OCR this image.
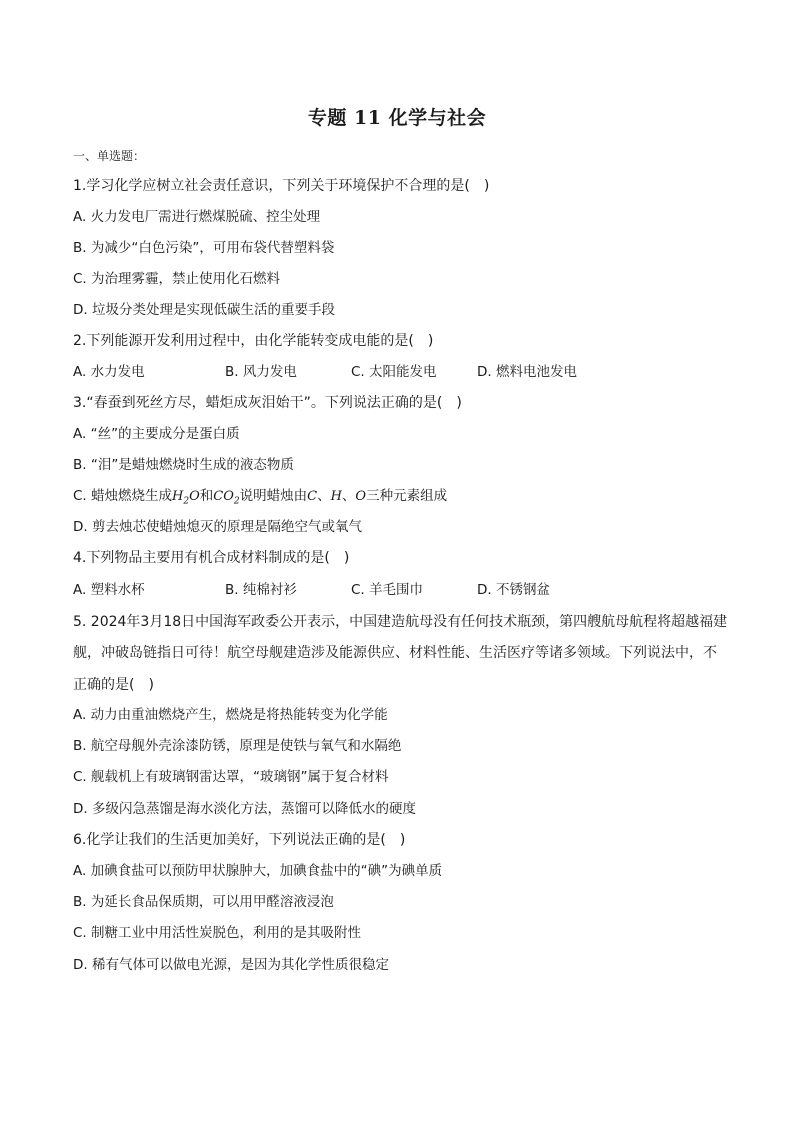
专题 11 化学与社会
一、单选题：
1.学习化学应树立社会责任意识，下列关于环境保护不合理的是(　)
A. 火力发电厂需进行燃煤脱硫、控尘处理
B. 为减少“白色污染”，可用布袋代替塑料袋
C. 为治理雾霾，禁止使用化石燃料
D. 垃圾分类处理是实现低碳生活的重要手段
2.下列能源开发利用过程中，由化学能转变成电能的是(　)
A. 水力发电	B. 风力发电	C. 太阳能发电	D. 燃料电池发电
3.“春蚕到死丝方尽，蜡炬成灰泪始干”。下列说法正确的是(　)
A. “丝”的主要成分是蛋白质
B. “泪”是蜡烛燃烧时生成的液态物质
C. 蜡烛燃烧生成$H_2O$和$CO_2$说明蜡烛由C、H、O三种元素组成
D. 剪去烛芯使蜡烛熄灭的原理是隔绝空气或氧气
4.下列物品主要用有机合成材料制成的是(　)
A. 塑料水杯	B. 纯棉衬衫	C. 羊毛围巾	D. 不锈钢盆
5. 2024年3月18日中国海军政委公开表示，中国建造航母没有任何技术瓶颈，第四艘航母航程将超越福建
舰，冲破岛链指日可待！航空母舰建造涉及能源供应、材料性能、生活医疗等诸多领域。下列说法中，不
正确的是(　)
A. 动力由重油燃烧产生，燃烧是将热能转变为化学能
B. 航空母舰外壳涂漆防锈，原理是使铁与氧气和水隔绝
C. 舰载机上有玻璃钢雷达罩，“玻璃钢”属于复合材料
D. 多级闪急蒸馏是海水淡化方法，蒸馏可以降低水的硬度
6.化学让我们的生活更加美好，下列说法正确的是(　)
A. 加碘食盐可以预防甲状腺肿大，加碘食盐中的“碘”为碘单质
B. 为延长食品保质期，可以用甲醛溶液浸泡
C. 制糖工业中用活性炭脱色，利用的是其吸附性
D. 稀有气体可以做电光源，是因为其化学性质很稳定
